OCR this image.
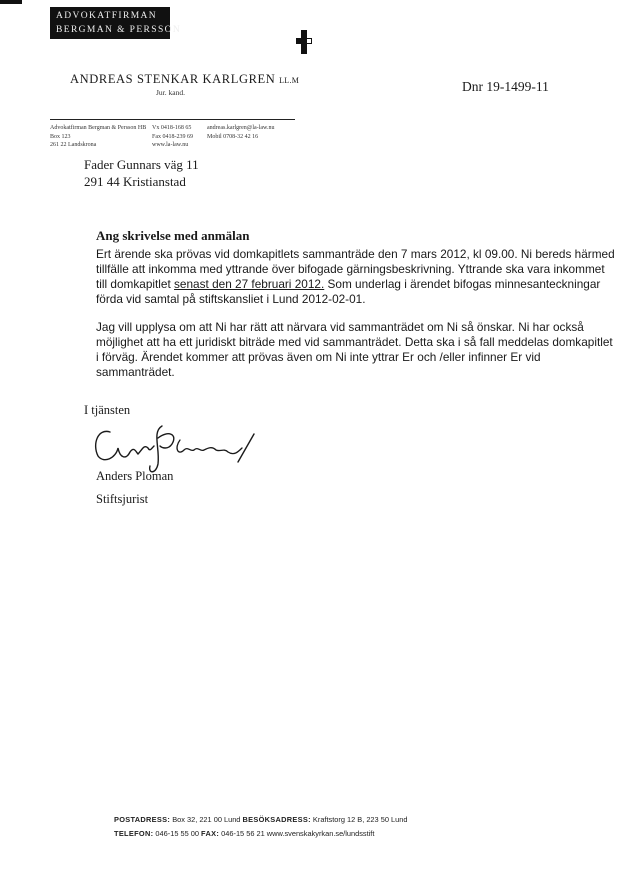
ADVOKATFIRMAN
BERGMAN & PERSSON
ANDREAS STENKAR KARLGREN LL.M
Jur. kand.	Dnr 19-1499-11
Advokatfirman Bergman & Persson HB
Box 123
261 22 Landskrona
Vx 0418-168 65
Fax 0418-239 69
www.la-law.nu
andreas.karlgren@la-law.nu
Mobil 0708-32 42 16
Fader Gunnars väg 11
291 44 Kristianstad
Ang skrivelse med anmälan
Ert ärende ska prövas vid domkapitlets sammanträde den 7 mars 2012, kl 09.00. Ni bereds härmed
tillfälle att inkomma med yttrande över bifogade gärningsbeskrivning. Yttrande ska vara inkommet
till domkapitlet senast den 27 februari 2012. Som underlag i ärendet bifogas minnesanteckningar
förda vid samtal på stiftskansliet i Lund 2012-02-01.
Jag vill upplysa om att Ni har rätt att närvara vid sammanträdet om Ni så önskar. Ni har också
möjlighet att ha ett juridiskt biträde med vid sammanträdet. Detta ska i så fall meddelas domkapitlet
i förväg. Ärendet kommer att prövas även om Ni inte yttrar Er och /eller infinner Er vid
sammanträdet.
I tjänsten
Anders Ploman
Stiftsjurist
POSTADRESS: Box 32, 221 00 Lund BESÖKSADRESS: Kraftstorg 12 B, 223 50 Lund
TELEFON: 046-15 55 00 FAX: 046-15 56 21 www.svenskakyrkan.se/lundsstift
